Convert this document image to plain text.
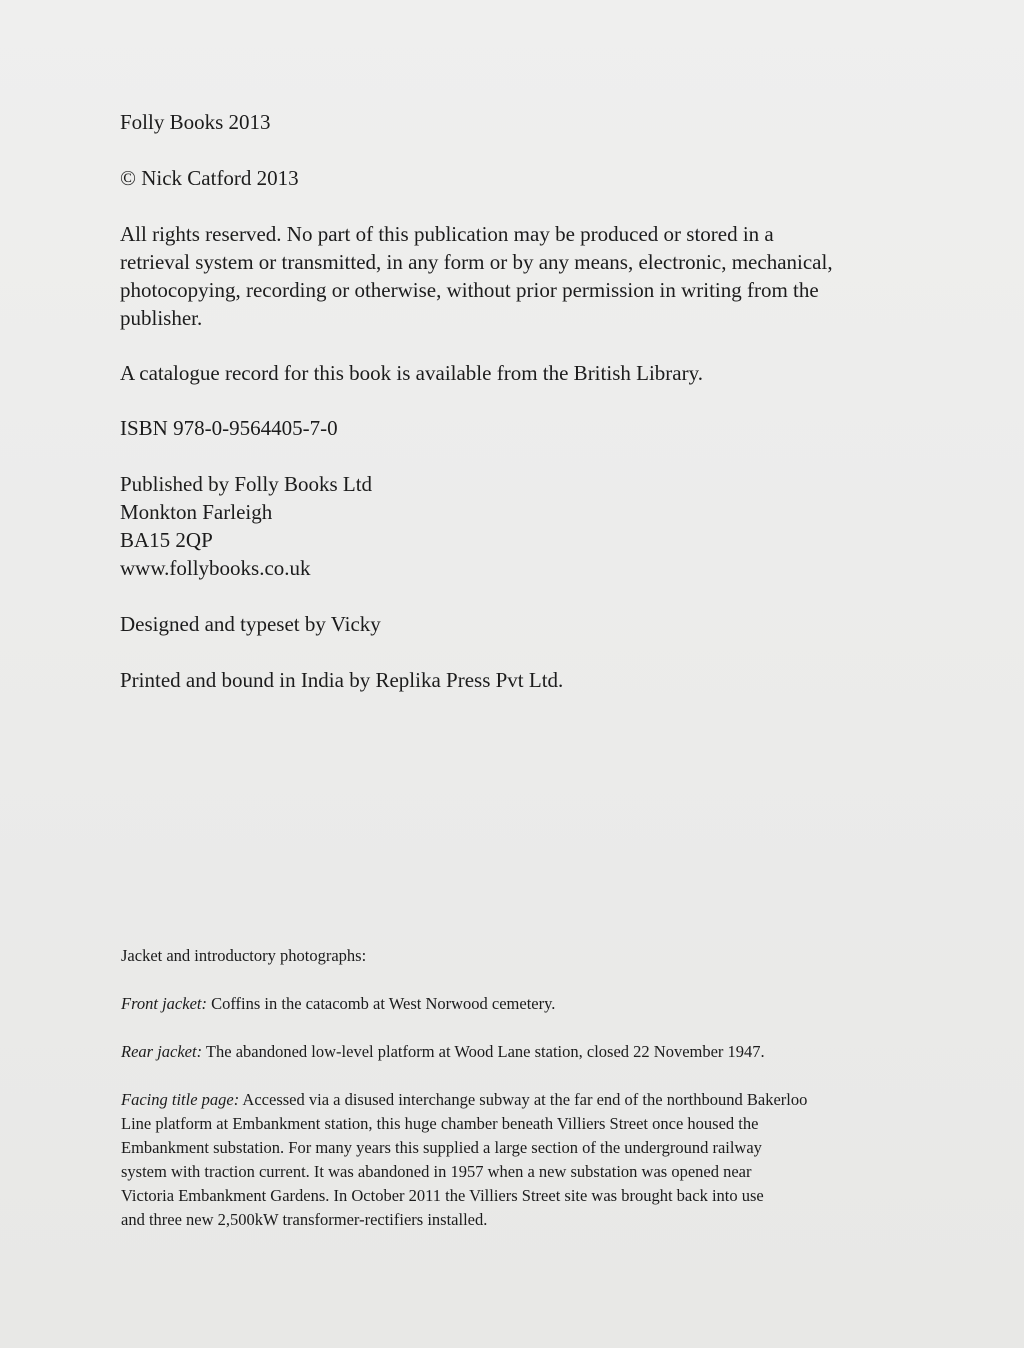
Folly Books 2013

© Nick Catford 2013

All rights reserved. No part of this publication may be produced or stored in a
retrieval system or transmitted, in any form or by any means, electronic, mechanical,
photocopying, recording or otherwise, without prior permission in writing from the
publisher.

A catalogue record for this book is available from the British Library.

ISBN 978-0-9564405-7-0

Published by Folly Books Ltd
Monkton Farleigh
BA15 2QP
www.follybooks.co.uk

Designed and typeset by Vicky

Printed and bound in India by Replika Press Pvt Ltd.

Jacket and introductory photographs:

Front jacket: Coffins in the catacomb at West Norwood cemetery.

Rear jacket: The abandoned low-level platform at Wood Lane station, closed 22 November 1947.

Facing title page: Accessed via a disused interchange subway at the far end of the northbound Bakerloo
Line platform at Embankment station, this huge chamber beneath Villiers Street once housed the
Embankment substation. For many years this supplied a large section of the underground railway
system with traction current. It was abandoned in 1957 when a new substation was opened near
Victoria Embankment Gardens. In October 2011 the Villiers Street site was brought back into use
and three new 2,500kW transformer-rectifiers installed.
